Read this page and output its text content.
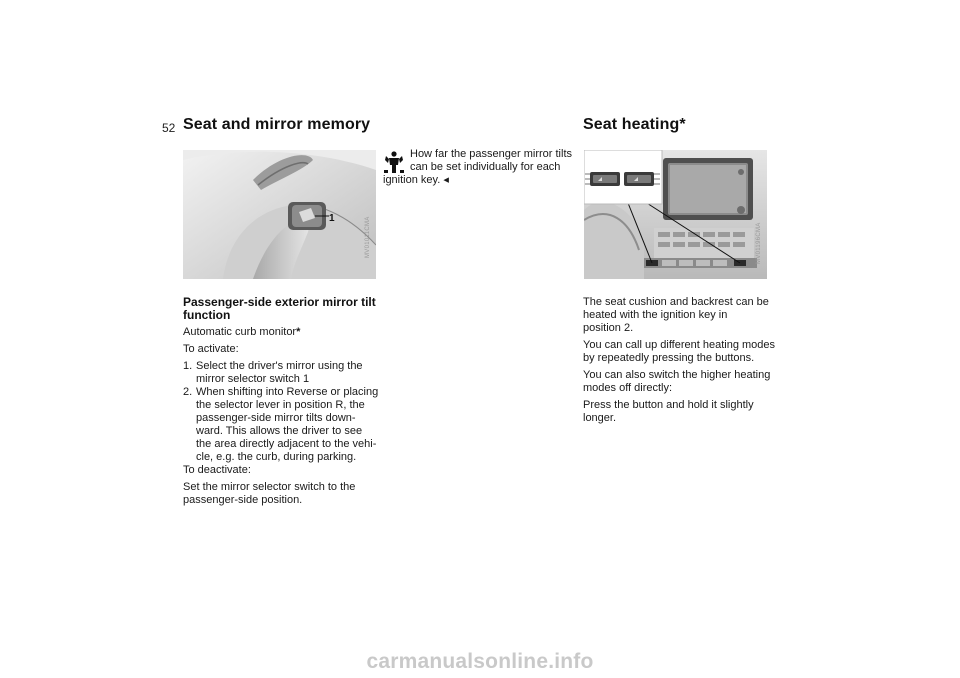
52 Seat and mirror memory
1	MV01011CMA
Passenger-side exterior mirror tilt
function
Automatic curb monitor*
To activate:
1. Select the driver's mirror using the
mirror selector switch 1
2. When shifting into Reverse or placing
the selector lever in position R, the
passenger-side mirror tilts down-
ward. This allows the driver to see
the area directly adjacent to the vehi-
cle, e.g. the curb, during parking.
To deactivate:
Set the mirror selector switch to the
passenger-side position.
How far the passenger mirror tilts
can be set individually for each
ignition key. ◂
Seat heating*
MV01196CMA
The seat cushion and backrest can be
heated with the ignition key in
position 2.
You can call up different heating modes
by repeatedly pressing the buttons.
You can also switch the higher heating
modes off directly:
Press the button and hold it slightly
longer.
carmanualsonline.info
